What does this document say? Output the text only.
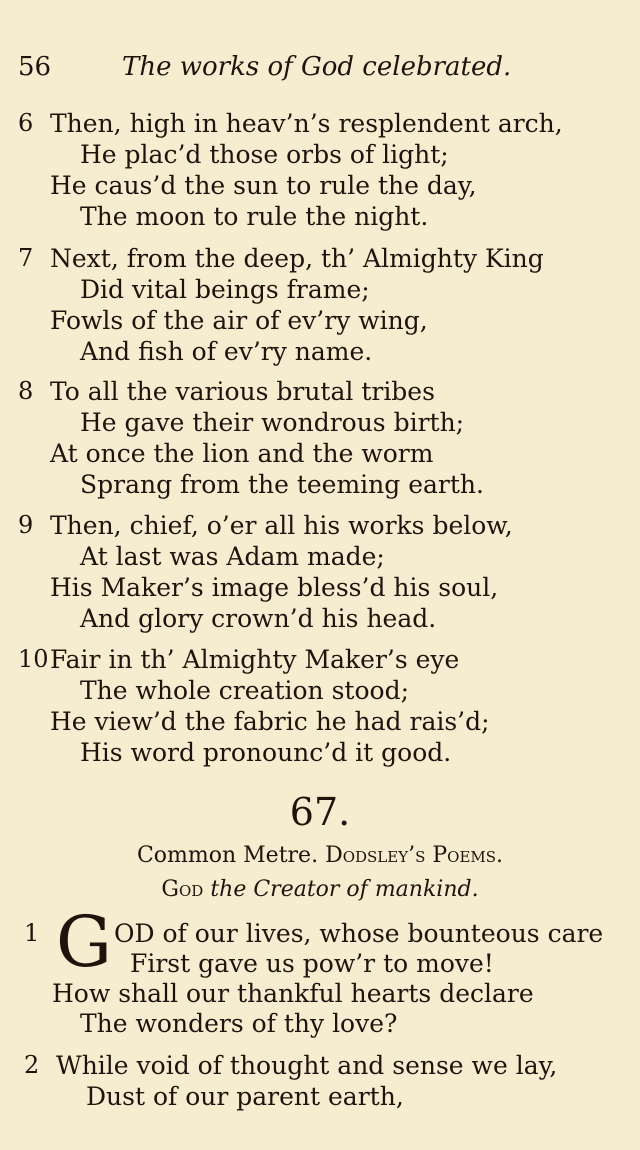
56	The works of God celebrated.
6 Then, high in heav’n’s resplendent arch,
He plac’d those orbs of light;
He caus’d the sun to rule the day,
The moon to rule the night.
7 Next, from the deep, th’ Almighty King
Did vital beings frame;
Fowls of the air of ev’ry wing,
And fish of ev’ry name.
8 To all the various brutal tribes
He gave their wondrous birth;
At once the lion and the worm
Sprang from the teeming earth.
9 Then, chief, o’er all his works below,
At last was Adam made;
His Maker’s image bless’d his soul,
And glory crown’d his head.
10 Fair in th’ Almighty Maker’s eye
The whole creation stood;
He view’d the fabric he had rais’d;
His word pronounc’d it good.
67.
Common Metre. Dodsley’s Poems.
God the Creator of mankind.
1	OD of our lives, whose bounteous care
First gave us pow’r to move!
How shall our thankful hearts declare
The wonders of thy love?
G
2 While void of thought and sense we lay,
Dust of our parent earth,
